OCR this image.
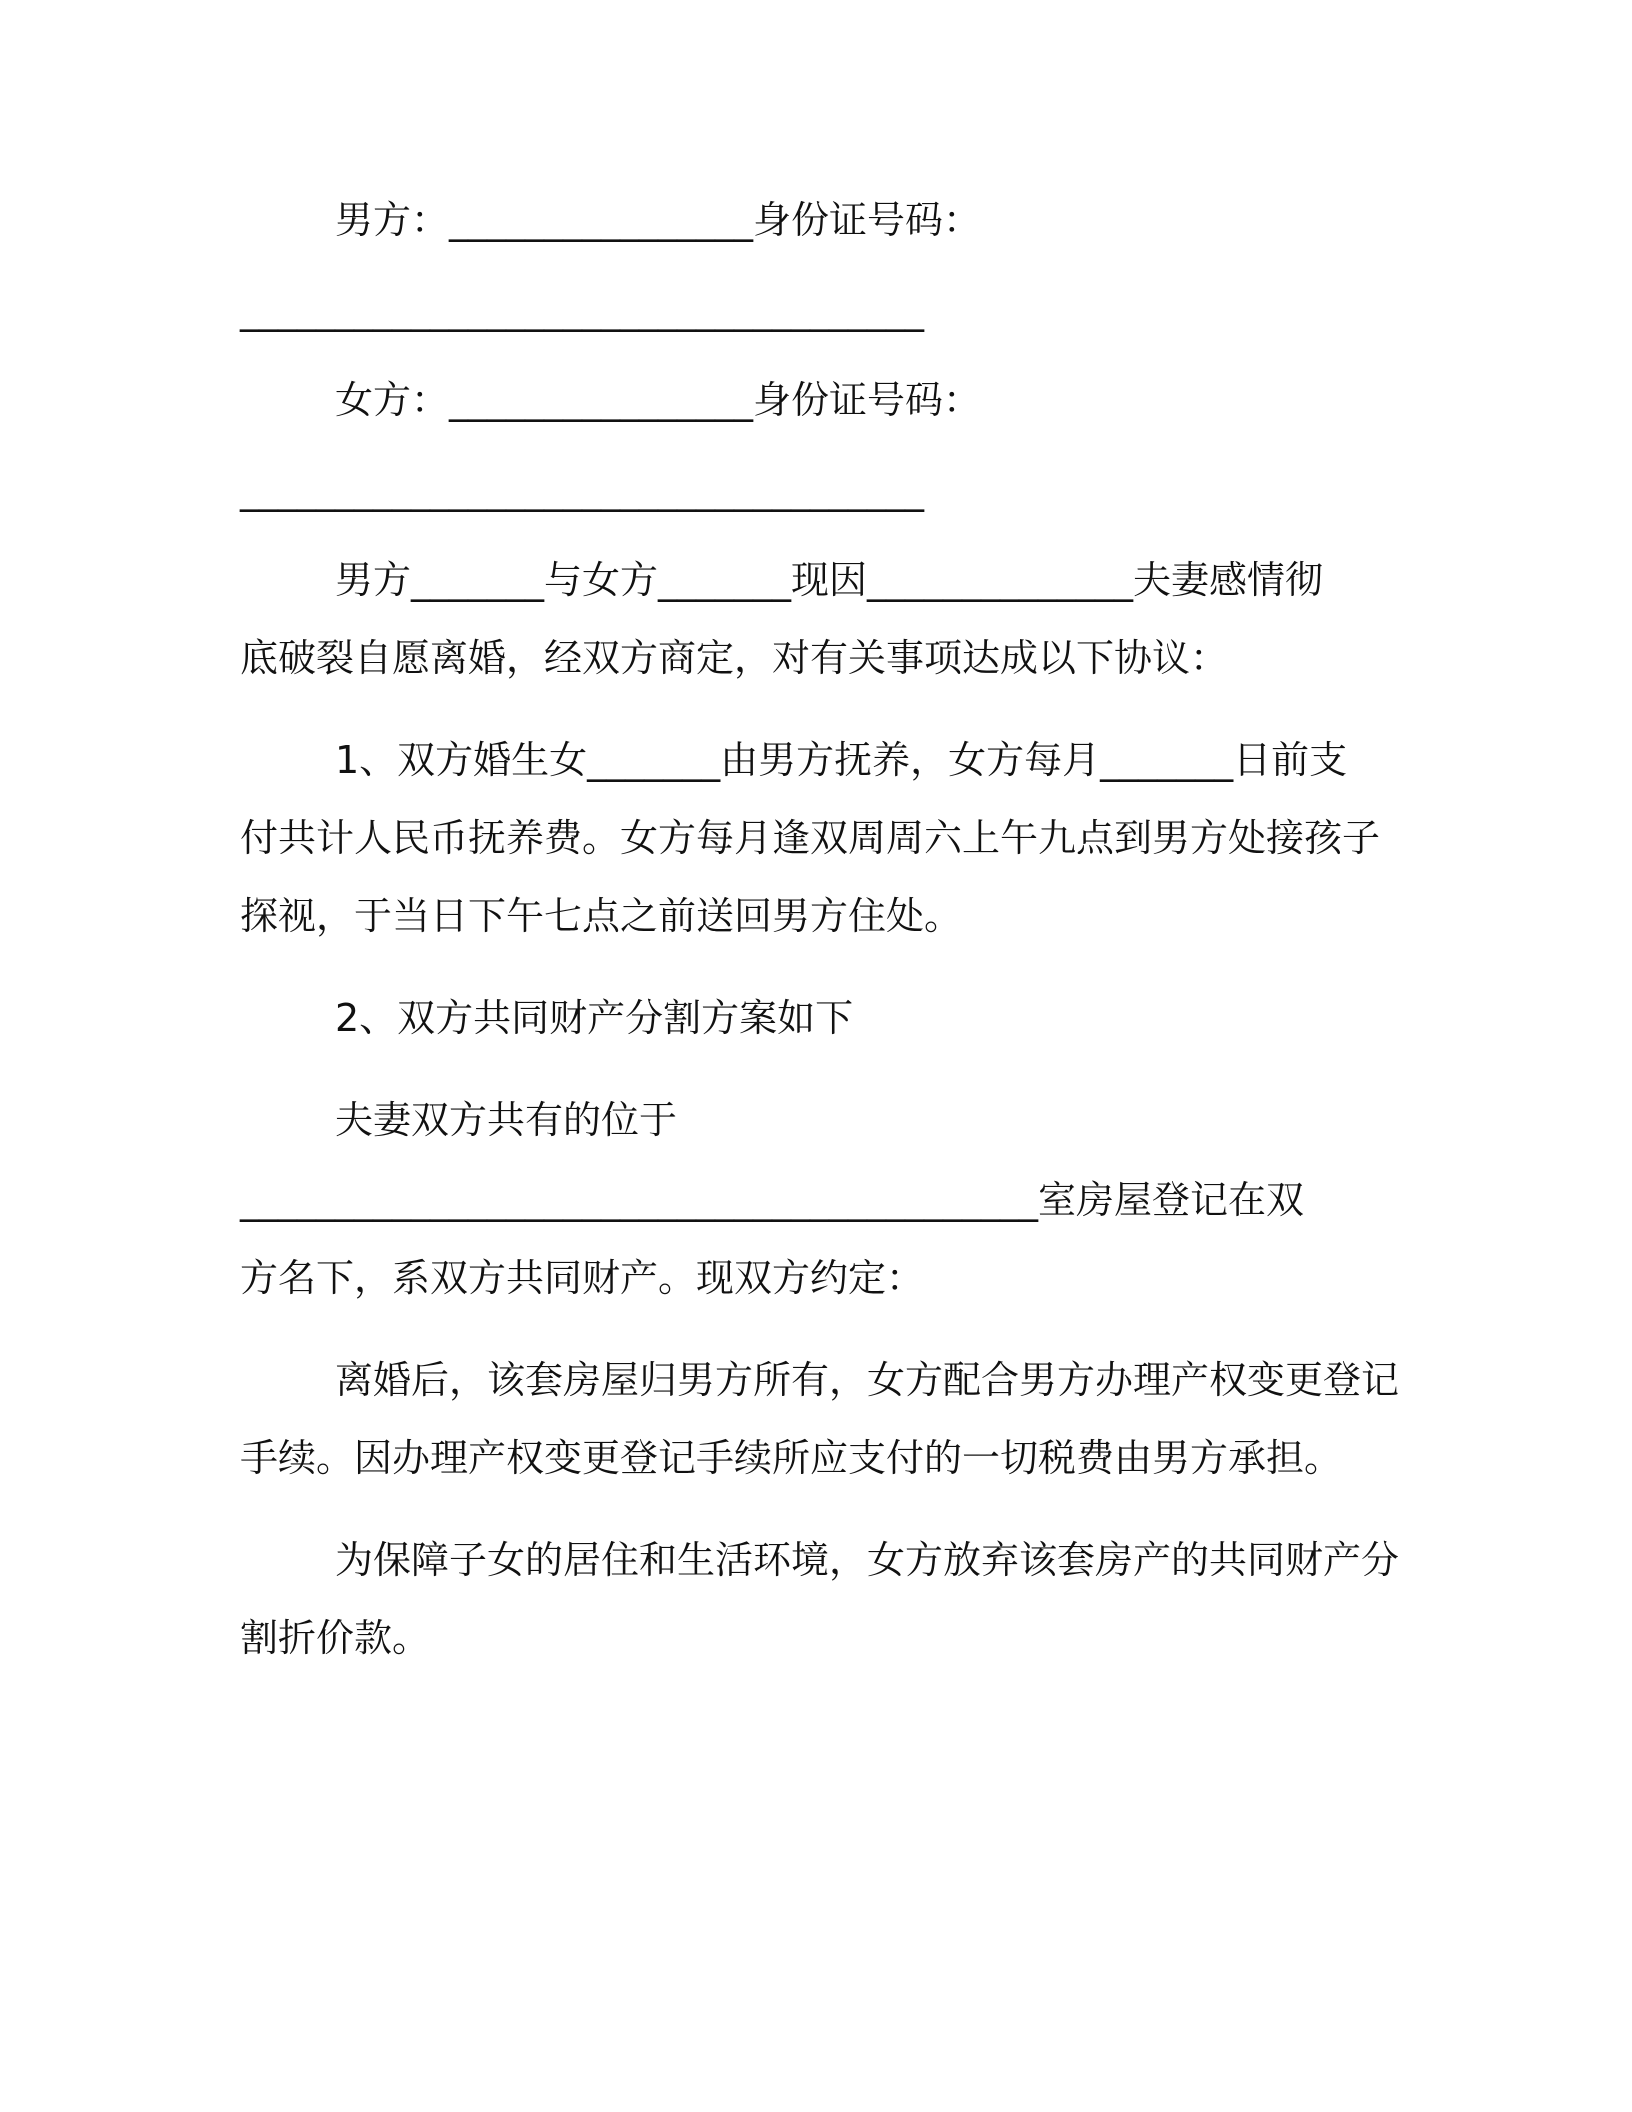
男方：________________身份证号码：
____________________________________
女方：________________身份证号码：
____________________________________
男方_______与女方_______现因______________夫妻感情彻
底破裂自愿离婚，经双方商定，对有关事项达成以下协议：
1、双方婚生女_______由男方抚养，女方每月_______日前支
付共计人民币抚养费。女方每月逢双周周六上午九点到男方处接孩子
探视，于当日下午七点之前送回男方住处。
2、双方共同财产分割方案如下
夫妻双方共有的位于
__________________________________________室房屋登记在双
方名下，系双方共同财产。现双方约定：
离婚后，该套房屋归男方所有，女方配合男方办理产权变更登记
手续。因办理产权变更登记手续所应支付的一切税费由男方承担。
为保障子女的居住和生活环境，女方放弃该套房产的共同财产分
割折价款。
